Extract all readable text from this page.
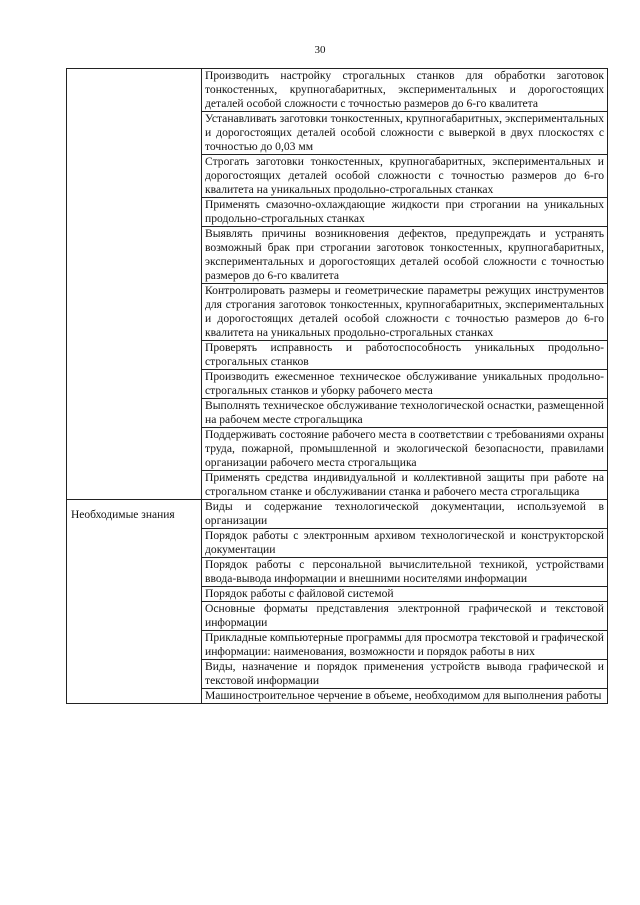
30
	Производить настройку строгальных станков для обработки заготовок тонкостенных, крупногабаритных, экспериментальных и дорогостоящих деталей особой сложности с точностью размеров до 6-го квалитета
	Устанавливать заготовки тонкостенных, крупногабаритных, экспериментальных и дорогостоящих деталей особой сложности с выверкой в двух плоскостях с точностью до 0,03 мм
	Строгать заготовки тонкостенных, крупногабаритных, экспериментальных и дорогостоящих деталей особой сложности с точностью размеров до 6-го квалитета на уникальных продольно-строгальных станках
	Применять смазочно-охлаждающие жидкости при строгании на уникальных продольно-строгальных станках
	Выявлять причины возникновения дефектов, предупреждать и устранять возможный брак при строгании заготовок тонкостенных, крупногабаритных, экспериментальных и дорогостоящих деталей особой сложности с точностью размеров до 6-го квалитета
	Контролировать размеры и геометрические параметры режущих инструментов для строгания заготовок тонкостенных, крупногабаритных, экспериментальных и дорогостоящих деталей особой сложности с точностью размеров до 6-го квалитета на уникальных продольно-строгальных станках
	Проверять исправность и работоспособность уникальных продольно-строгальных станков
	Производить ежесменное техническое обслуживание уникальных продольно-строгальных станков и уборку рабочего места
	Выполнять техническое обслуживание технологической оснастки, размещенной на рабочем месте строгальщика
	Поддерживать состояние рабочего места в соответствии с требованиями охраны труда, пожарной, промышленной и экологической безопасности, правилами организации рабочего места строгальщика
	Применять средства индивидуальной и коллективной защиты при работе на строгальном станке и обслуживании станка и рабочего места строгальщика
Необходимые знания	Виды и содержание технологической документации, используемой в организации
	Порядок работы с электронным архивом технологической и конструкторской документации
	Порядок работы с персональной вычислительной техникой, устройствами ввода-вывода информации и внешними носителями информации
	Порядок работы с файловой системой
	Основные форматы представления электронной графической и текстовой информации
	Прикладные компьютерные программы для просмотра текстовой и графической информации: наименования, возможности и порядок работы в них
	Виды, назначение и порядок применения устройств вывода графической и текстовой информации
	Машиностроительное черчение в объеме, необходимом для выполнения работы
